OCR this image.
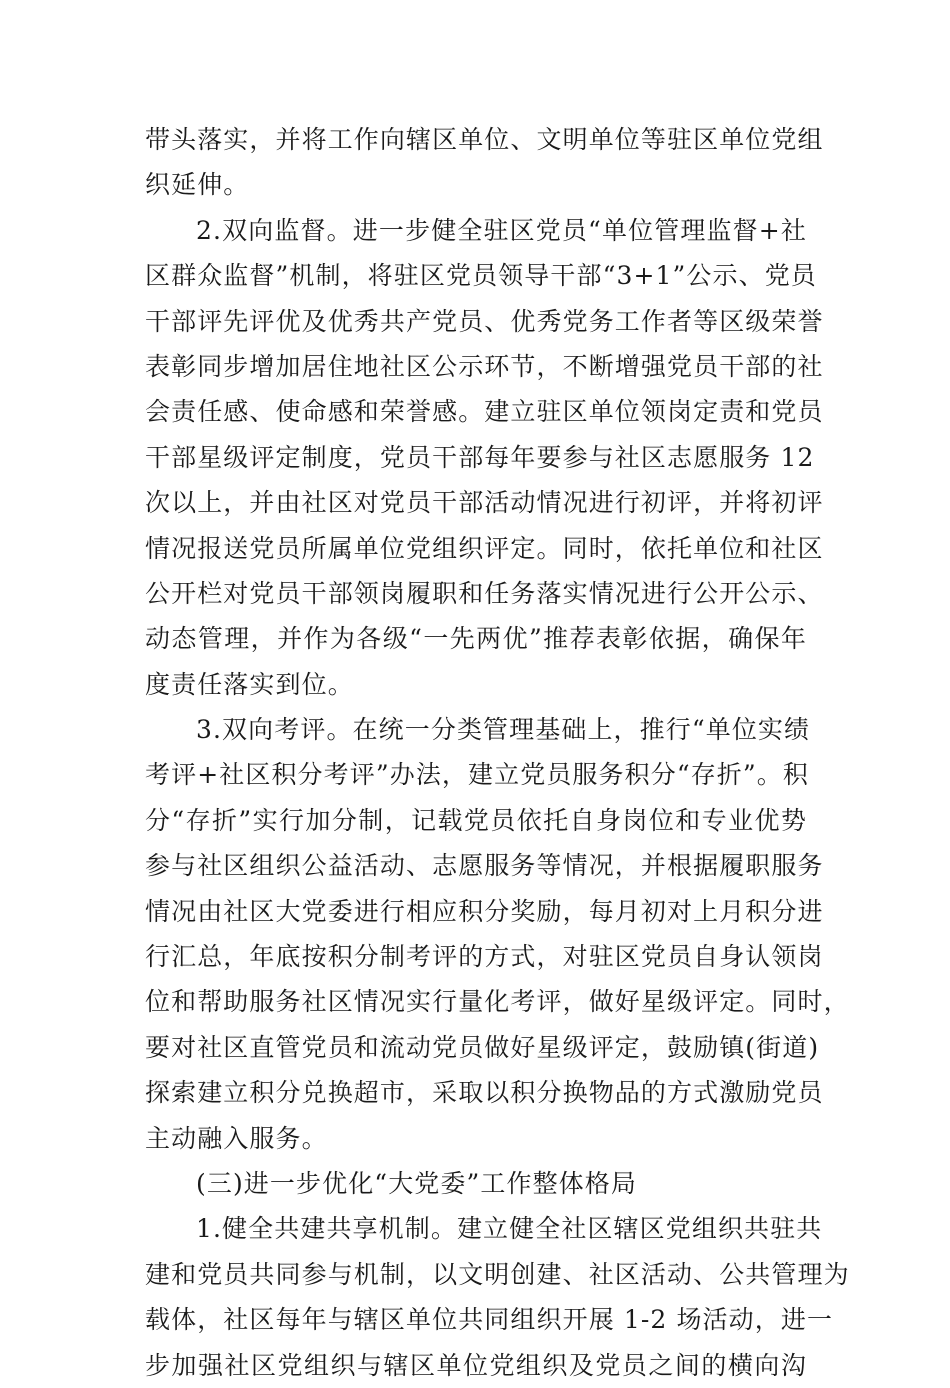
带头落实，并将工作向辖区单位、文明单位等驻区单位党组
织延伸。
2.双向监督。进一步健全驻区党员“单位管理监督+社
区群众监督”机制，将驻区党员领导干部“3+1”公示、党员
干部评先评优及优秀共产党员、优秀党务工作者等区级荣誉
表彰同步增加居住地社区公示环节，不断增强党员干部的社
会责任感、使命感和荣誉感。建立驻区单位领岗定责和党员
干部星级评定制度，党员干部每年要参与社区志愿服务 12
次以上，并由社区对党员干部活动情况进行初评，并将初评
情况报送党员所属单位党组织评定。同时，依托单位和社区
公开栏对党员干部领岗履职和任务落实情况进行公开公示、
动态管理，并作为各级“一先两优”推荐表彰依据，确保年
度责任落实到位。
3.双向考评。在统一分类管理基础上，推行“单位实绩
考评+社区积分考评”办法，建立党员服务积分“存折”。积
分“存折”实行加分制，记载党员依托自身岗位和专业优势
参与社区组织公益活动、志愿服务等情况，并根据履职服务
情况由社区大党委进行相应积分奖励，每月初对上月积分进
行汇总，年底按积分制考评的方式，对驻区党员自身认领岗
位和帮助服务社区情况实行量化考评，做好星级评定。同时，
要对社区直管党员和流动党员做好星级评定，鼓励镇(街道)
探索建立积分兑换超市，采取以积分换物品的方式激励党员
主动融入服务。
(三)进一步优化“大党委”工作整体格局
1.健全共建共享机制。建立健全社区辖区党组织共驻共
建和党员共同参与机制，以文明创建、社区活动、公共管理为
载体，社区每年与辖区单位共同组织开展 1-2 场活动，进一
步加强社区党组织与辖区单位党组织及党员之间的横向沟
